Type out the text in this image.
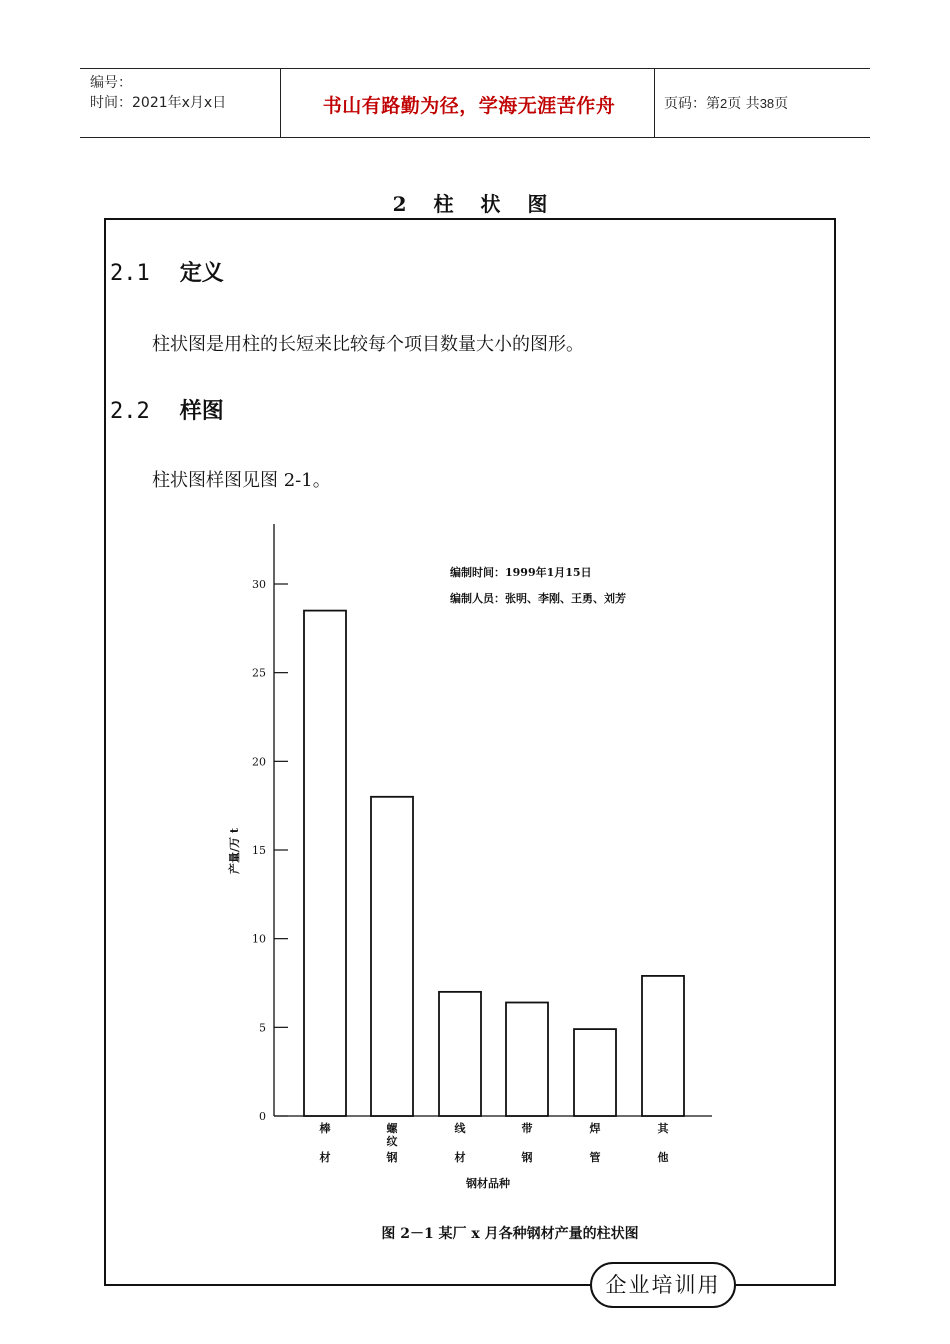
编号：
时间：2021年x月x日	书山有路勤为径，学海无涯苦作舟	页码：第2页 共38页
2 柱 状 图
2.1 定义
柱状图是用柱的长短来比较每个项目数量大小的图形。
2.2 样图
柱状图样图见图 2-1。
0
5
10
15
20
25
30
棒
材
螺
纹
钢
线
材
带
钢
焊
管
其
他
钢材品种
产量/万 t
编制时间：1999年1月15日
编制人员：张明、李刚、王勇、刘芳
图 2－1 某厂 x 月各种钢材产量的柱状图
企业培训用
